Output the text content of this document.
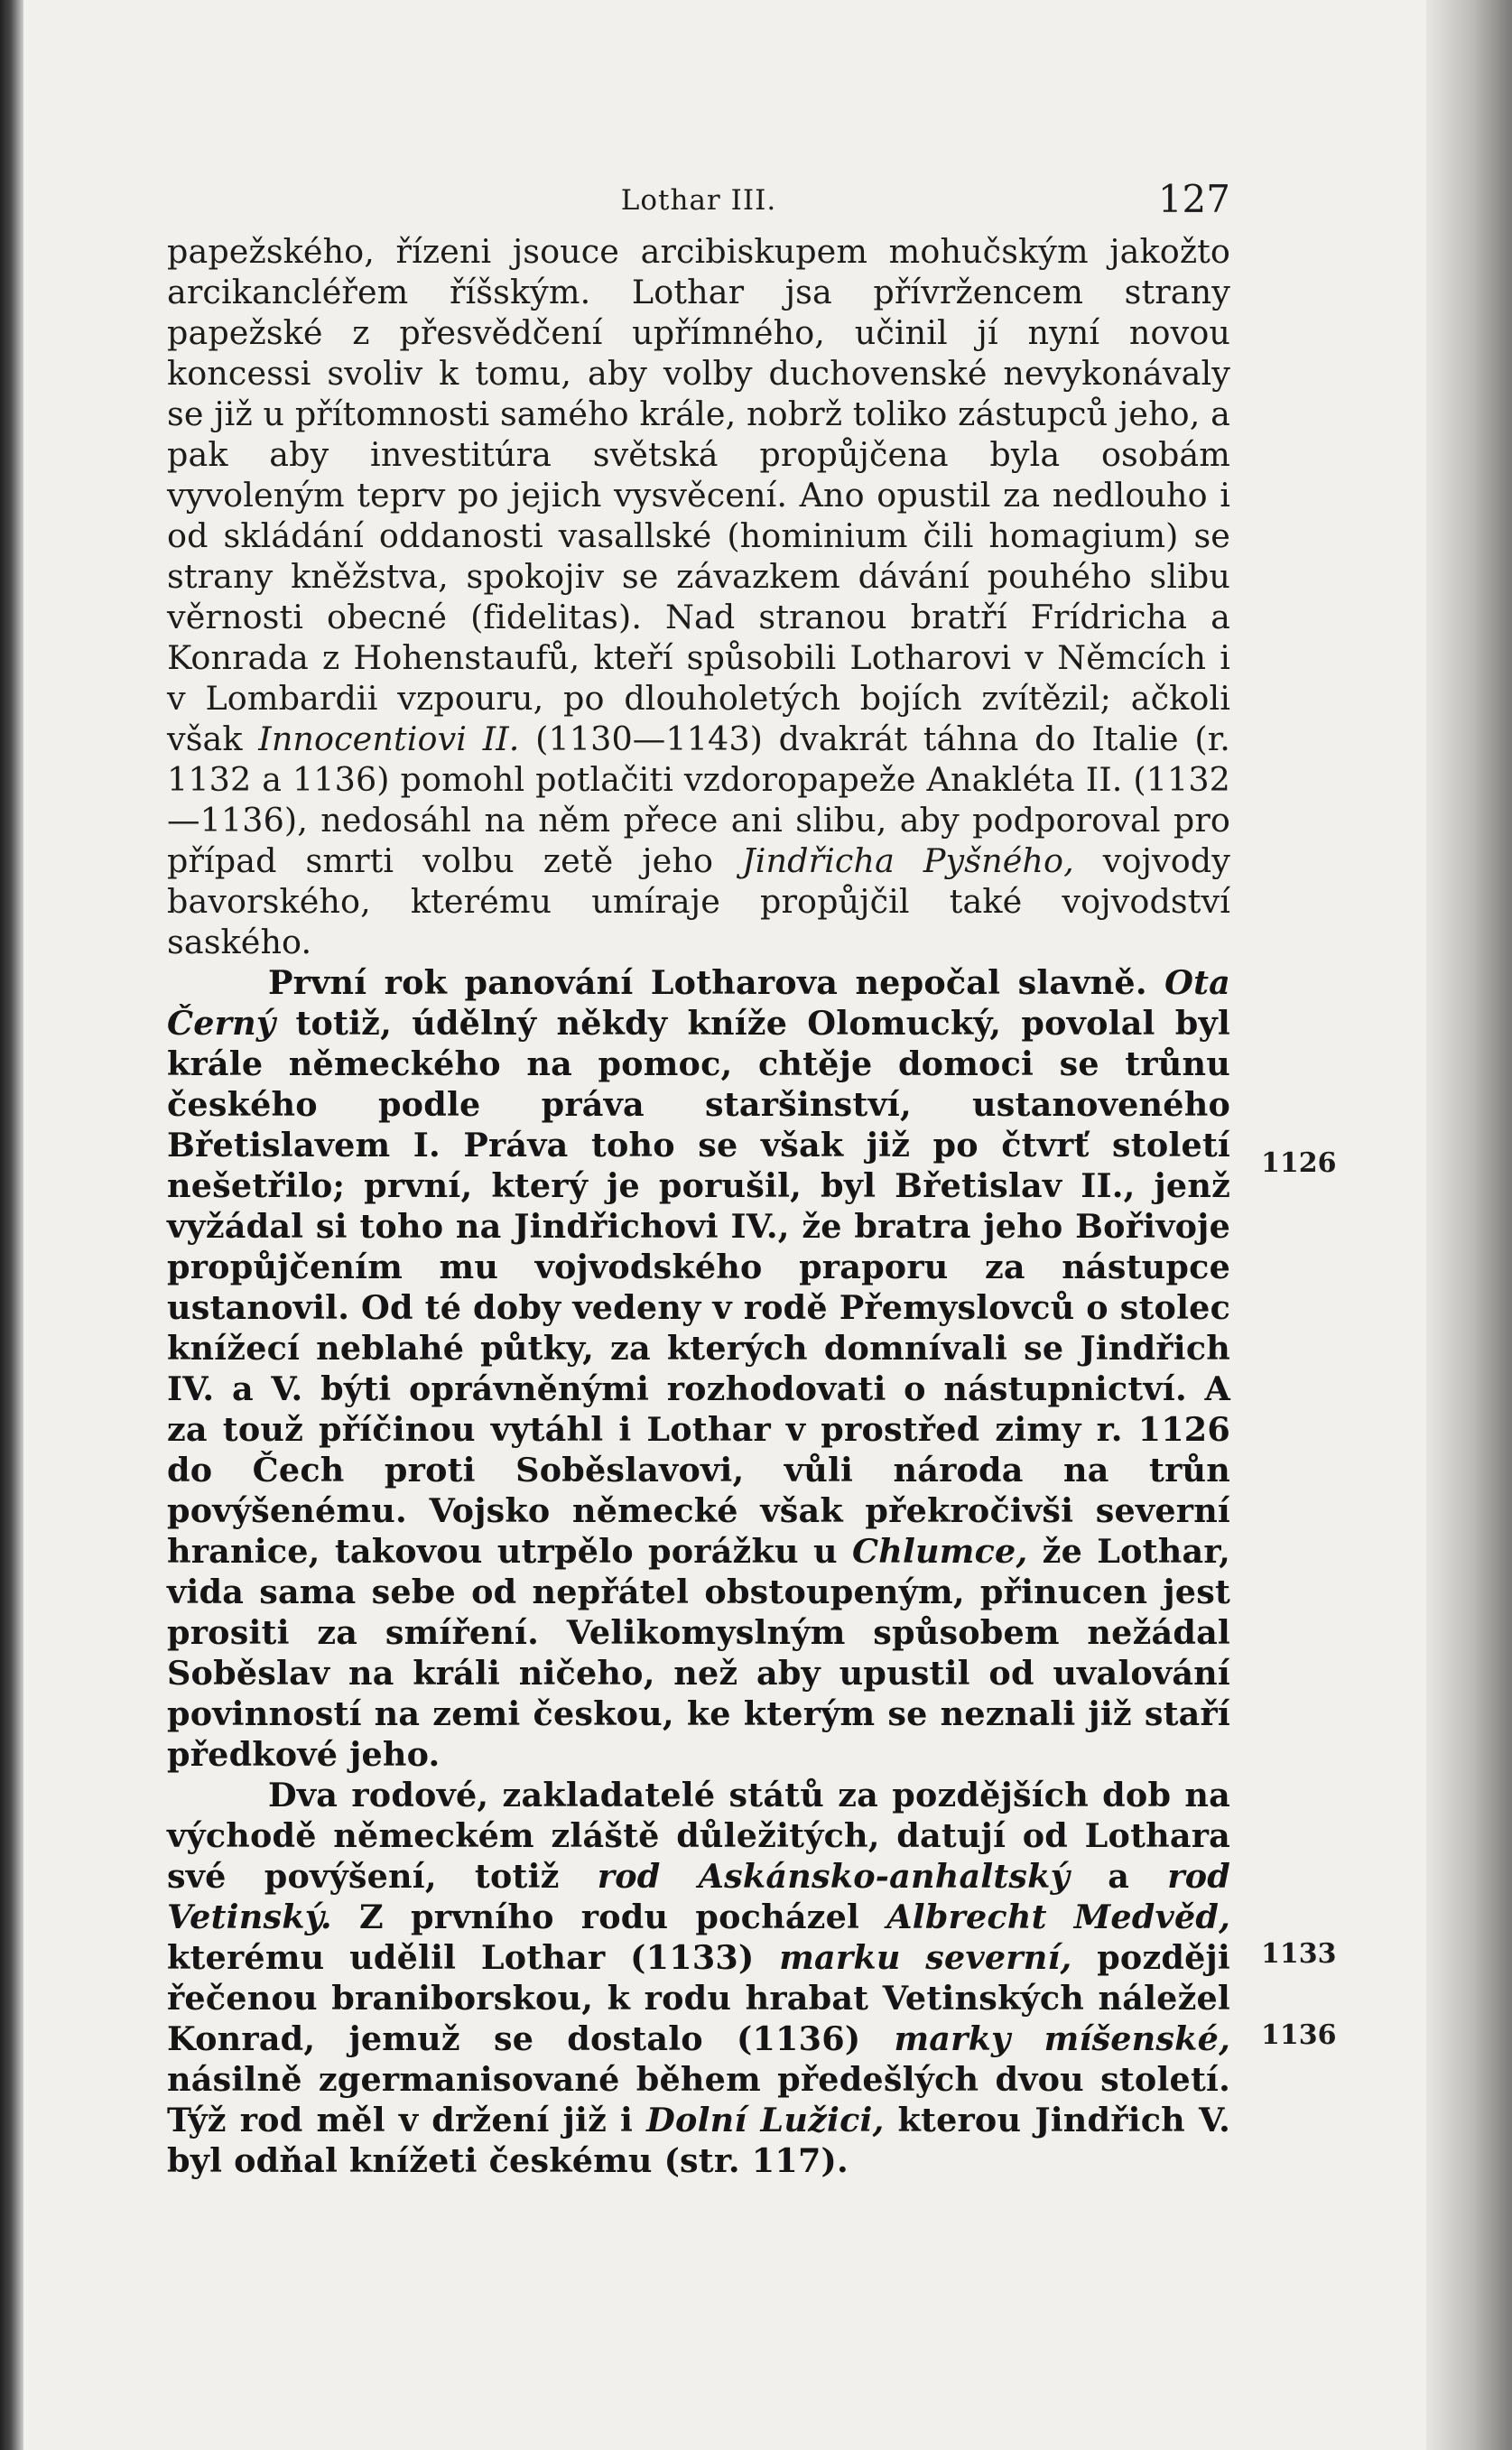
Lothar III.	127

papežského, řízeni jsouce arcibiskupem mohučským jakožto arcikancléřem říšským. Lothar jsa přívržencem strany papežské z přesvědčení upřímného, učinil jí nyní novou koncessi svoliv k tomu, aby volby duchovenské nevykonávaly se již u přítomnosti samého krále, nobrž toliko zástupců jeho, a pak aby investitúra světská propůjčena byla osobám vyvoleným teprv po jejich vysvěcení. Ano opustil za nedlouho i od skládání oddanosti vasallské (hominium čili homagium) se strany kněžstva, spokojiv se závazkem dávání pouhého slibu věrnosti obecné (fidelitas). Nad stranou bratří Frídricha a Konrada z Hohenstaufů, kteří spůsobili Lotharovi v Němcích i v Lombardii vzpouru, po dlouholetých bojích zvítězil; ačkoli však Innocentiovi II. (1130—1143) dvakrát táhna do Italie (r. 1132 a 1136) pomohl potlačiti vzdoropapeže Anakléta II. (1132—1136), nedosáhl na něm přece ani slibu, aby podporoval pro případ smrti volbu zetě jeho Jindřicha Pyšného, vojvody bavorského, kterému umíraje propůjčil také vojvodství saského.

První rok panování Lotharova nepočal slavně. Ota Černý totiž, údělný někdy kníže Olomucký, povolal byl krále německého na pomoc, chtěje domoci se trůnu českého podle práva staršinství, ustanoveného Břetislavem I. Práva toho se však již po čtvrť století nešetřilo; první, který je porušil, byl Břetislav II., jenž vyžádal si toho na Jindřichovi IV., že bratra jeho Bořivoje propůjčením mu vojvodského praporu za nástupce ustanovil. Od té doby vedeny v rodě Přemyslovců o stolec knížecí neblahé půtky, za kterých domnívali se Jindřich IV. a V. býti oprávněnými rozhodovati o nástupnictví. A za touž příčinou vytáhl i Lothar v prostřed zimy r. 1126 do Čech proti Soběslavovi, vůli národa na trůn povýšenému. Vojsko německé však překročivši severní hranice, takovou utrpělo porážku u Chlumce, že Lothar, vida sama sebe od nepřátel obstoupeným, přinucen jest prositi za smíření. Velikomyslným spůsobem nežádal Soběslav na králi ničeho, než aby upustil od uvalování povinností na zemi českou, ke kterým se neznali již staří předkové jeho.

Dva rodové, zakladatelé států za pozdějších dob na východě německém zláště důležitých, datují od Lothara své povýšení, totiž rod Askánsko-anhaltský a rod Vetinský. Z prvního rodu pocházel Albrecht Medvěd, kterému udělil Lothar (1133) marku severní, později řečenou braniborskou, k rodu hrabat Vetinských náležel Konrad, jemuž se dostalo (1136) marky míšenské, násilně zgermanisované během předešlých dvou století. Týž rod měl v držení již i Dolní Lužici, kterou Jindřich V. byl odňal knížeti českému (str. 117).

1126
1133
1136
